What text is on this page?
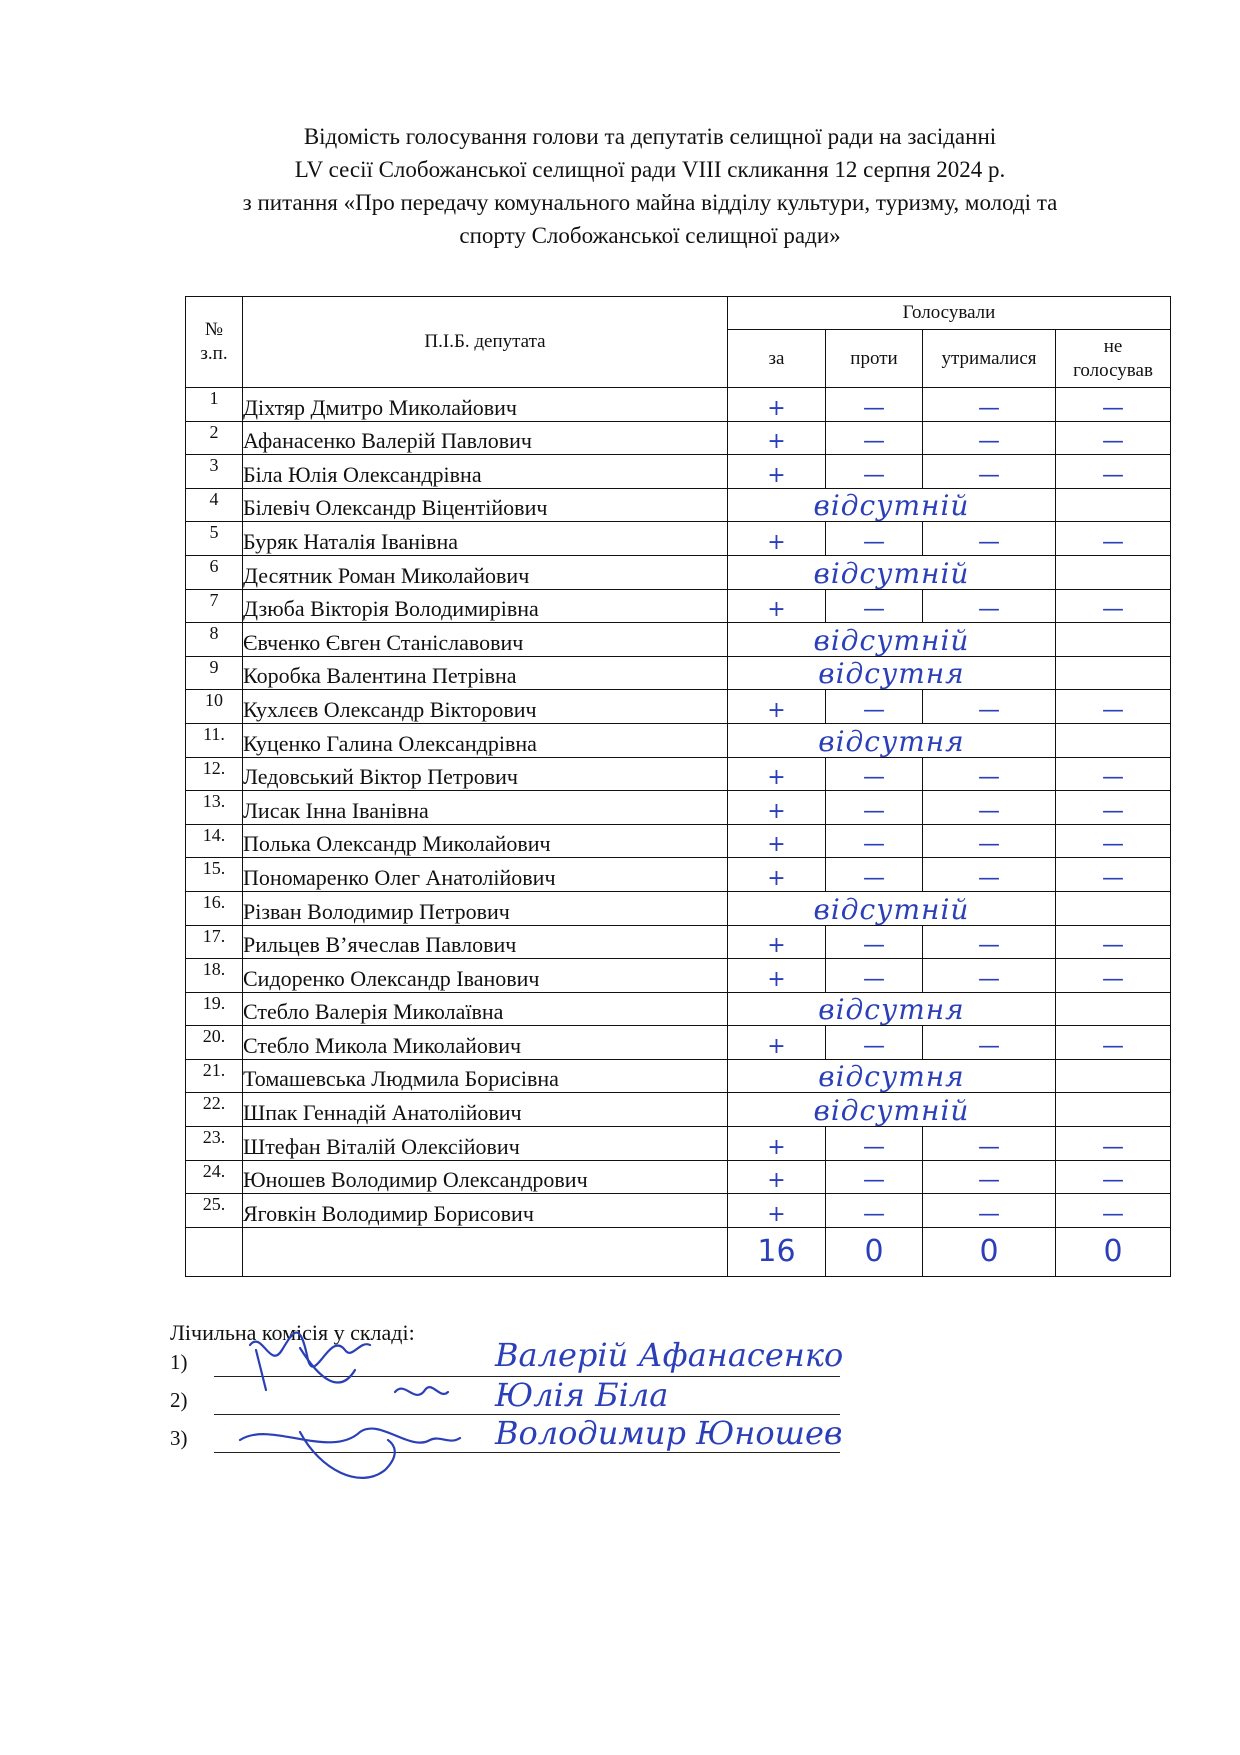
Відомість голосування голови та депутатів селищної ради на засіданні
LV сесії Слобожанської селищної ради VIII скликання 12 серпня 2024 р.
з питання «Про передачу комунального майна відділу культури, туризму, молоді та
спорту Слобожанської селищної ради»
№
з.п.	П.І.Б. депутата	Голосували			
		за	проти	утрималися	не
голосував

1	Діхтяр Дмитро Миколайович	+	—	—	—
2	Афанасенко Валерій Павлович	+	—	—	—
3	Біла Юлія Олександрівна	+	—	—	—
4	Білевіч Олександр Віцентійович	відсутній			
5	Буряк Наталія Іванівна	+	—	—	—
6	Десятник Роман Миколайович	відсутній			
7	Дзюба Вікторія Володимирівна	+	—	—	—
8	Євченко Євген Станіславович	відсутній			
9	Коробка Валентина Петрівна	відсутня			
10	Кухлєєв Олександр Вікторович	+	—	—	—
11.	Куценко Галина Олександрівна	відсутня			
12.	Ледовський Віктор Петрович	+	—	—	—
13.	Лисак Інна Іванівна	+	—	—	—
14.	Полька Олександр Миколайович	+	—	—	—
15.	Пономаренко Олег Анатолійович	+	—	—	—
16.	Різван Володимир Петрович	відсутній			
17.	Рильцев В’ячеслав Павлович	+	—	—	—
18.	Сидоренко Олександр Іванович	+	—	—	—
19.	Стебло Валерія Миколаївна	відсутня			
20.	Стебло Микола Миколайович	+	—	—	—
21.	Томашевська Людмила Борисівна	відсутня			
22.	Шпак Геннадій Анатолійович	відсутній			
23.	Штефан Віталій Олексійович	+	—	—	—
24.	Юношев Володимир Олександрович	+	—	—	—
25.	Яговкін Володимир Борисович	+	—	—	—
		16	0	0	0
Лічильна комісія у складі:
1)	Валерій Афанасенко
2)	Юлія Біла
3)	Володимир Юношев
